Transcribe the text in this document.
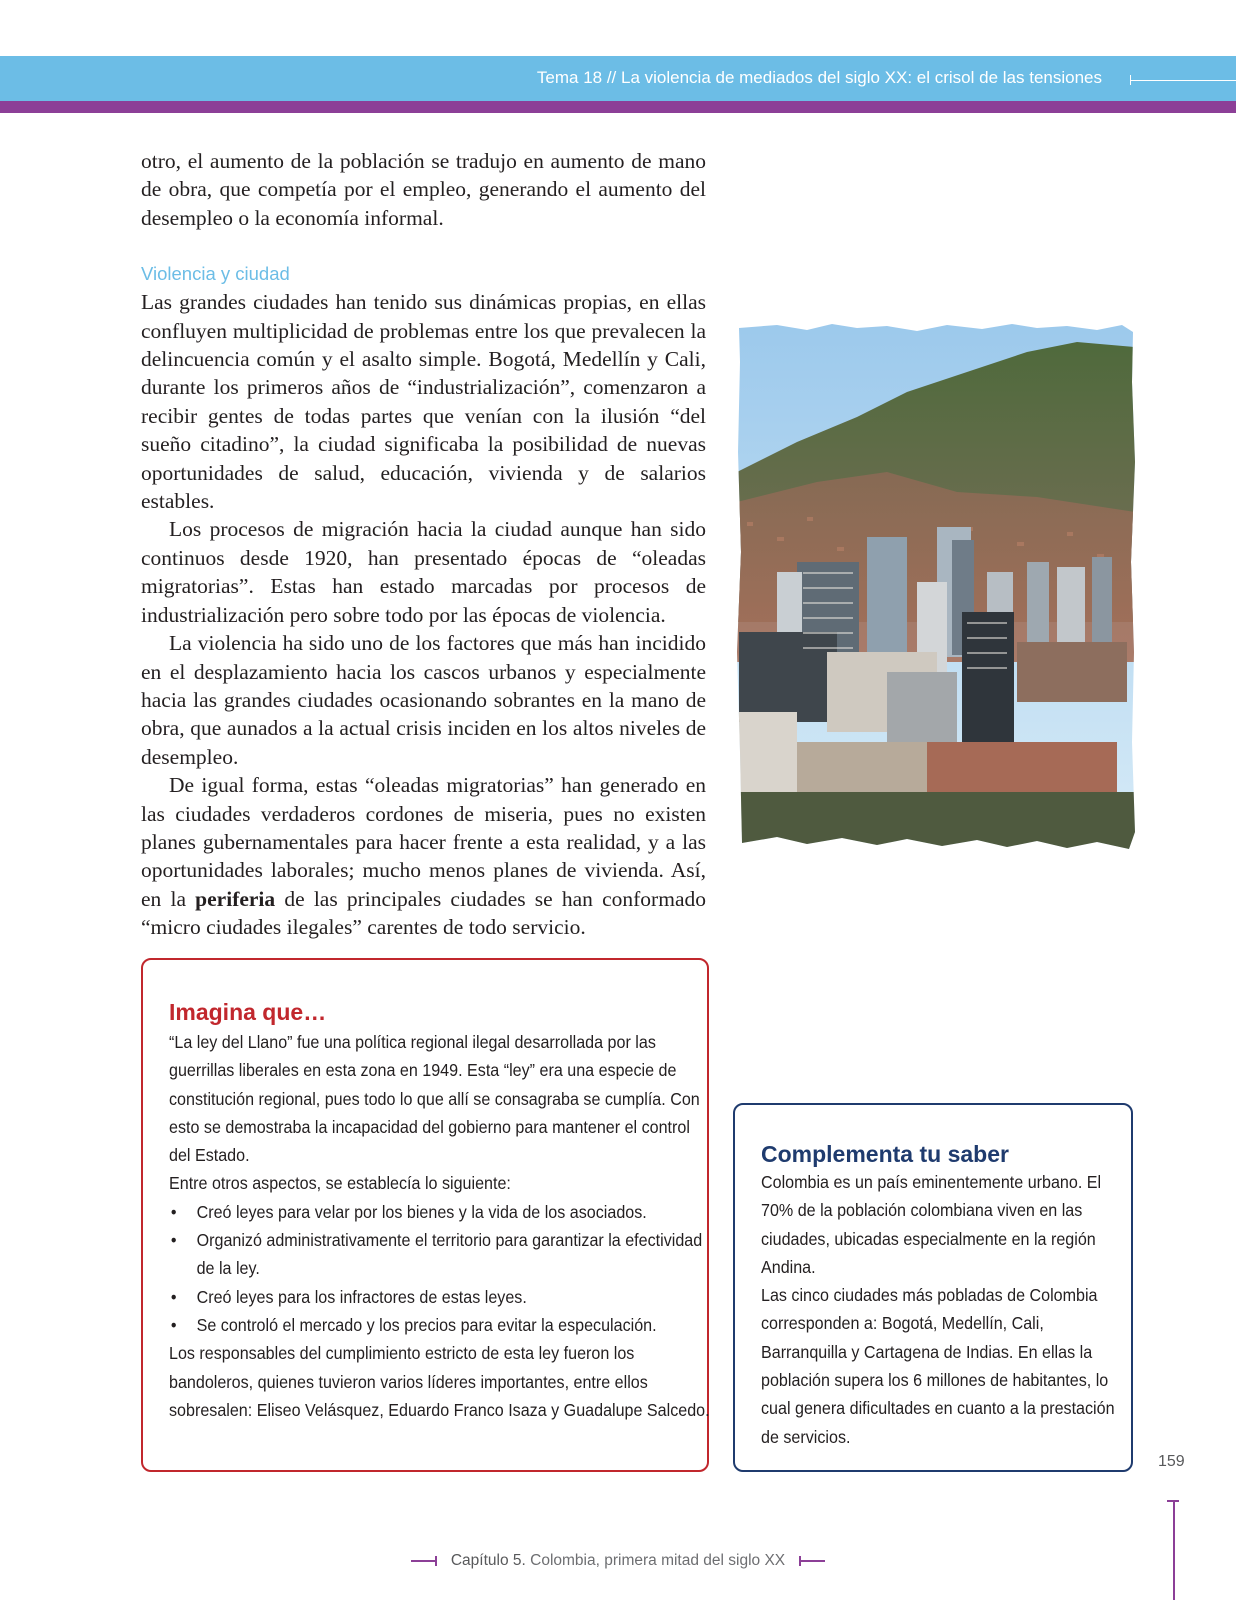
Tema 18 // La violencia de mediados del siglo XX: el crisol de las tensiones

otro, el aumento de la población se tradujo en aumento de mano de obra, que competía por el empleo, generando el aumento del desempleo o la economía informal.

Violencia y ciudad

Las grandes ciudades han tenido sus dinámicas propias, en ellas confluyen multiplicidad de problemas entre los que prevalecen la delincuencia común y el asalto simple. Bogotá, Medellín y Cali, durante los primeros años de “industrialización”, comenzaron a recibir gentes de todas partes que venían con la ilusión “del sueño citadino”, la ciudad significaba la posibilidad de nuevas oportunidades de salud, educación, vivienda y de salarios estables.

Los procesos de migración hacia la ciudad aunque han sido continuos desde 1920, han presentado épocas de “oleadas migratorias”. Estas han estado marcadas por procesos de industrialización pero sobre todo por las épocas de violencia.

La violencia ha sido uno de los factores que más han incidido en el desplazamiento hacia los cascos urbanos y especialmente hacia las grandes ciudades ocasionando sobrantes en la mano de obra, que aunados a la actual crisis inciden en los altos niveles de desempleo.

De igual forma, estas “oleadas migratorias” han generado en las ciudades verdaderos cordones de miseria, pues no existen planes gubernamentales para hacer frente a esta realidad, y a las oportunidades laborales; mucho menos planes de vivienda. Así, en la periferia de las principales ciudades se han conformado “micro ciudades ilegales” carentes de todo servicio.

Imagina que…

“La ley del Llano” fue una política regional ilegal desarrollada por las guerrillas liberales en esta zona en 1949. Esta “ley” era una especie de constitución regional, pues todo lo que allí se consagraba se cumplía. Con esto se demostraba la incapacidad del gobierno para mantener el control del Estado.

Entre otros aspectos, se establecía lo siguiente:

• Creó leyes para velar por los bienes y la vida de los asociados.
• Organizó administrativamente el territorio para garantizar la efectividad de la ley.
• Creó leyes para los infractores de estas leyes.
• Se controló el mercado y los precios para evitar la especulación.

Los responsables del cumplimiento estricto de esta ley fueron los bandoleros, quienes tuvieron varios líderes importantes, entre ellos sobresalen: Eliseo Velásquez, Eduardo Franco Isaza y Guadalupe Salcedo.

Complementa tu saber

Colombia es un país eminentemente urbano. El 70% de la población colombiana viven en las ciudades, ubicadas especialmente en la región Andina.

Las cinco ciudades más pobladas de Colombia corresponden a: Bogotá, Medellín, Cali, Barranquilla y Cartagena de Indias. En ellas la población supera los 6 millones de habitantes, lo cual genera dificultades en cuanto a la prestación de servicios.

159
Capítulo 5. Colombia, primera mitad del siglo XX
